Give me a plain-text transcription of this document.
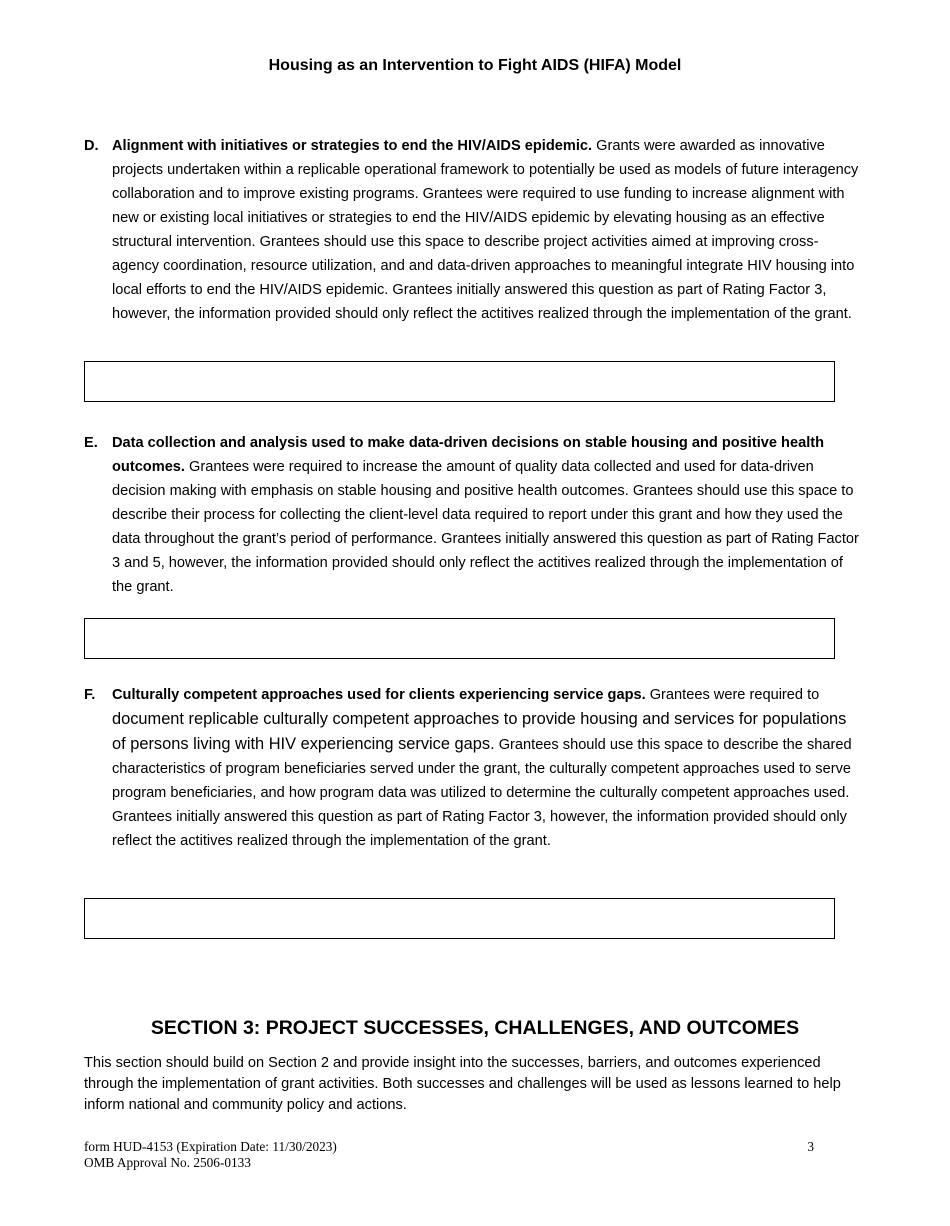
Housing as an Intervention to Fight AIDS (HIFA) Model
D. Alignment with initiatives or strategies to end the HIV/AIDS epidemic. Grants were awarded as innovative projects undertaken within a replicable operational framework to potentially be used as models of future interagency collaboration and to improve existing programs. Grantees were required to use funding to increase alignment with new or existing local initiatives or strategies to end the HIV/AIDS epidemic by elevating housing as an effective structural intervention. Grantees should use this space to describe project activities aimed at improving cross-agency coordination, resource utilization, and and data-driven approaches to meaningful integrate HIV housing into local efforts to end the HIV/AIDS epidemic. Grantees initially answered this question as part of Rating Factor 3, however, the information provided should only reflect the actitives realized through the implementation of the grant.
E. Data collection and analysis used to make data-driven decisions on stable housing and positive health outcomes. Grantees were required to increase the amount of quality data collected and used for data-driven decision making with emphasis on stable housing and positive health outcomes. Grantees should use this space to describe their process for collecting the client-level data required to report under this grant and how they used the data throughout the grant’s period of performance. Grantees initially answered this question as part of Rating Factor 3 and 5, however, the information provided should only reflect the actitives realized through the implementation of the grant.
F. Culturally competent approaches used for clients experiencing service gaps. Grantees were required to document replicable culturally competent approaches to provide housing and services for populations of persons living with HIV experiencing service gaps. Grantees should use this space to describe the shared characteristics of program beneficiaries served under the grant, the culturally competent approaches used to serve program beneficiaries, and how program data was utilized to determine the culturally competent approaches used. Grantees initially answered this question as part of Rating Factor 3, however, the information provided should only reflect the actitives realized through the implementation of the grant.
SECTION 3: PROJECT SUCCESSES, CHALLENGES, AND OUTCOMES
This section should build on Section 2 and provide insight into the successes, barriers, and outcomes experienced through the implementation of grant activities. Both successes and challenges will be used as lessons learned to help inform national and community policy and actions.
form HUD-4153 (Expiration Date: 11/30/2023)
OMB Approval No. 2506-0133
3
